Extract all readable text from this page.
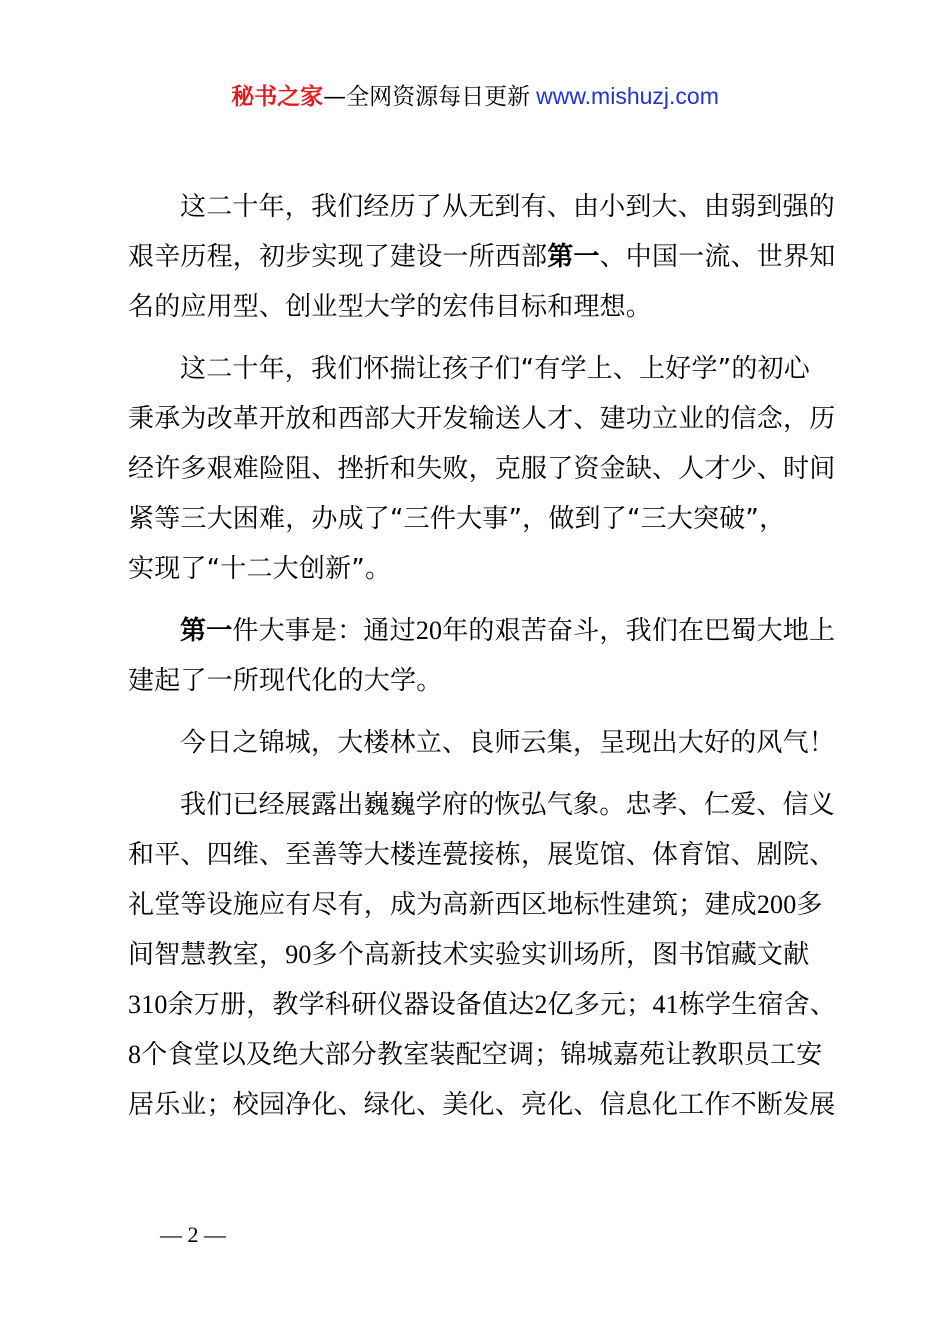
秘书之家—全网资源每日更新 www.mishuzj.com
这二十年，我们经历了从无到有、由小到大、由弱到强的
艰辛历程，初步实现了建设一所西部第一、中国一流、世界知
名的应用型、创业型大学的宏伟目标和理想。
这二十年，我们怀揣让孩子们“有学上、上好学”的初心
秉承为改革开放和西部大开发输送人才、建功立业的信念，历
经许多艰难险阻、挫折和失败，克服了资金缺、人才少、时间
紧等三大困难，办成了“三件大事”，做到了“三大突破”，
实现了“十二大创新”。
第一件大事是：通过20年的艰苦奋斗，我们在巴蜀大地上
建起了一所现代化的大学。
今日之锦城，大楼林立、良师云集，呈现出大好的风气！
我们已经展露出巍巍学府的恢弘气象。忠孝、仁爱、信义
和平、四维、至善等大楼连甍接栋，展览馆、体育馆、剧院、
礼堂等设施应有尽有，成为高新西区地标性建筑；建成200多
间智慧教室，90多个高新技术实验实训场所，图书馆藏文献
310余万册，教学科研仪器设备值达2亿多元；41栋学生宿舍、
8个食堂以及绝大部分教室装配空调；锦城嘉苑让教职员工安
居乐业；校园净化、绿化、美化、亮化、信息化工作不断发展
— 2 —
